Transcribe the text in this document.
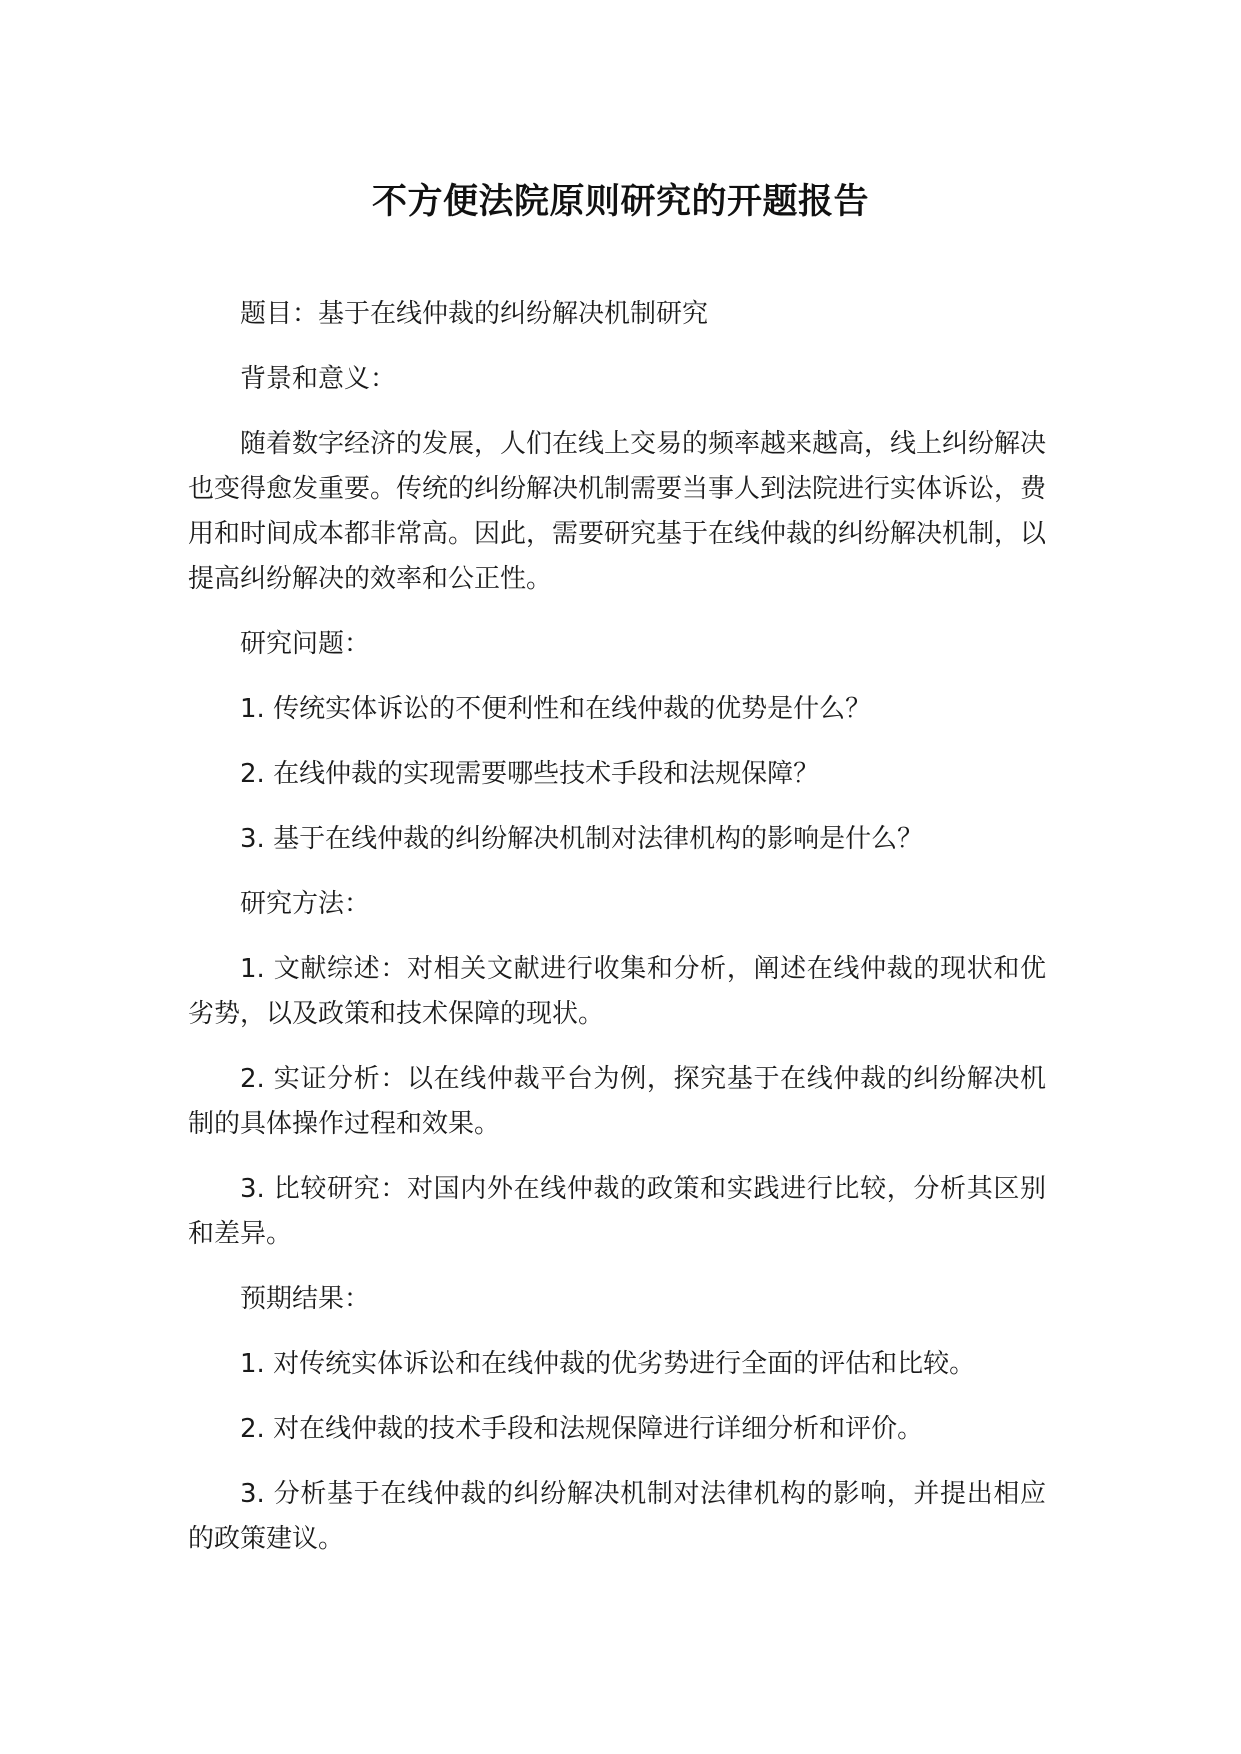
不方便法院原则研究的开题报告

题目：基于在线仲裁的纠纷解决机制研究

背景和意义：

随着数字经济的发展，人们在线上交易的频率越来越高，线上纠纷解决也变得愈发重要。传统的纠纷解决机制需要当事人到法院进行实体诉讼，费用和时间成本都非常高。因此，需要研究基于在线仲裁的纠纷解决机制，以提高纠纷解决的效率和公正性。

研究问题：

1. 传统实体诉讼的不便利性和在线仲裁的优势是什么？

2. 在线仲裁的实现需要哪些技术手段和法规保障？

3. 基于在线仲裁的纠纷解决机制对法律机构的影响是什么？

研究方法：

1. 文献综述：对相关文献进行收集和分析，阐述在线仲裁的现状和优劣势，以及政策和技术保障的现状。

2. 实证分析：以在线仲裁平台为例，探究基于在线仲裁的纠纷解决机制的具体操作过程和效果。

3. 比较研究：对国内外在线仲裁的政策和实践进行比较，分析其区别和差异。

预期结果：

1. 对传统实体诉讼和在线仲裁的优劣势进行全面的评估和比较。

2. 对在线仲裁的技术手段和法规保障进行详细分析和评价。

3. 分析基于在线仲裁的纠纷解决机制对法律机构的影响，并提出相应的政策建议。
